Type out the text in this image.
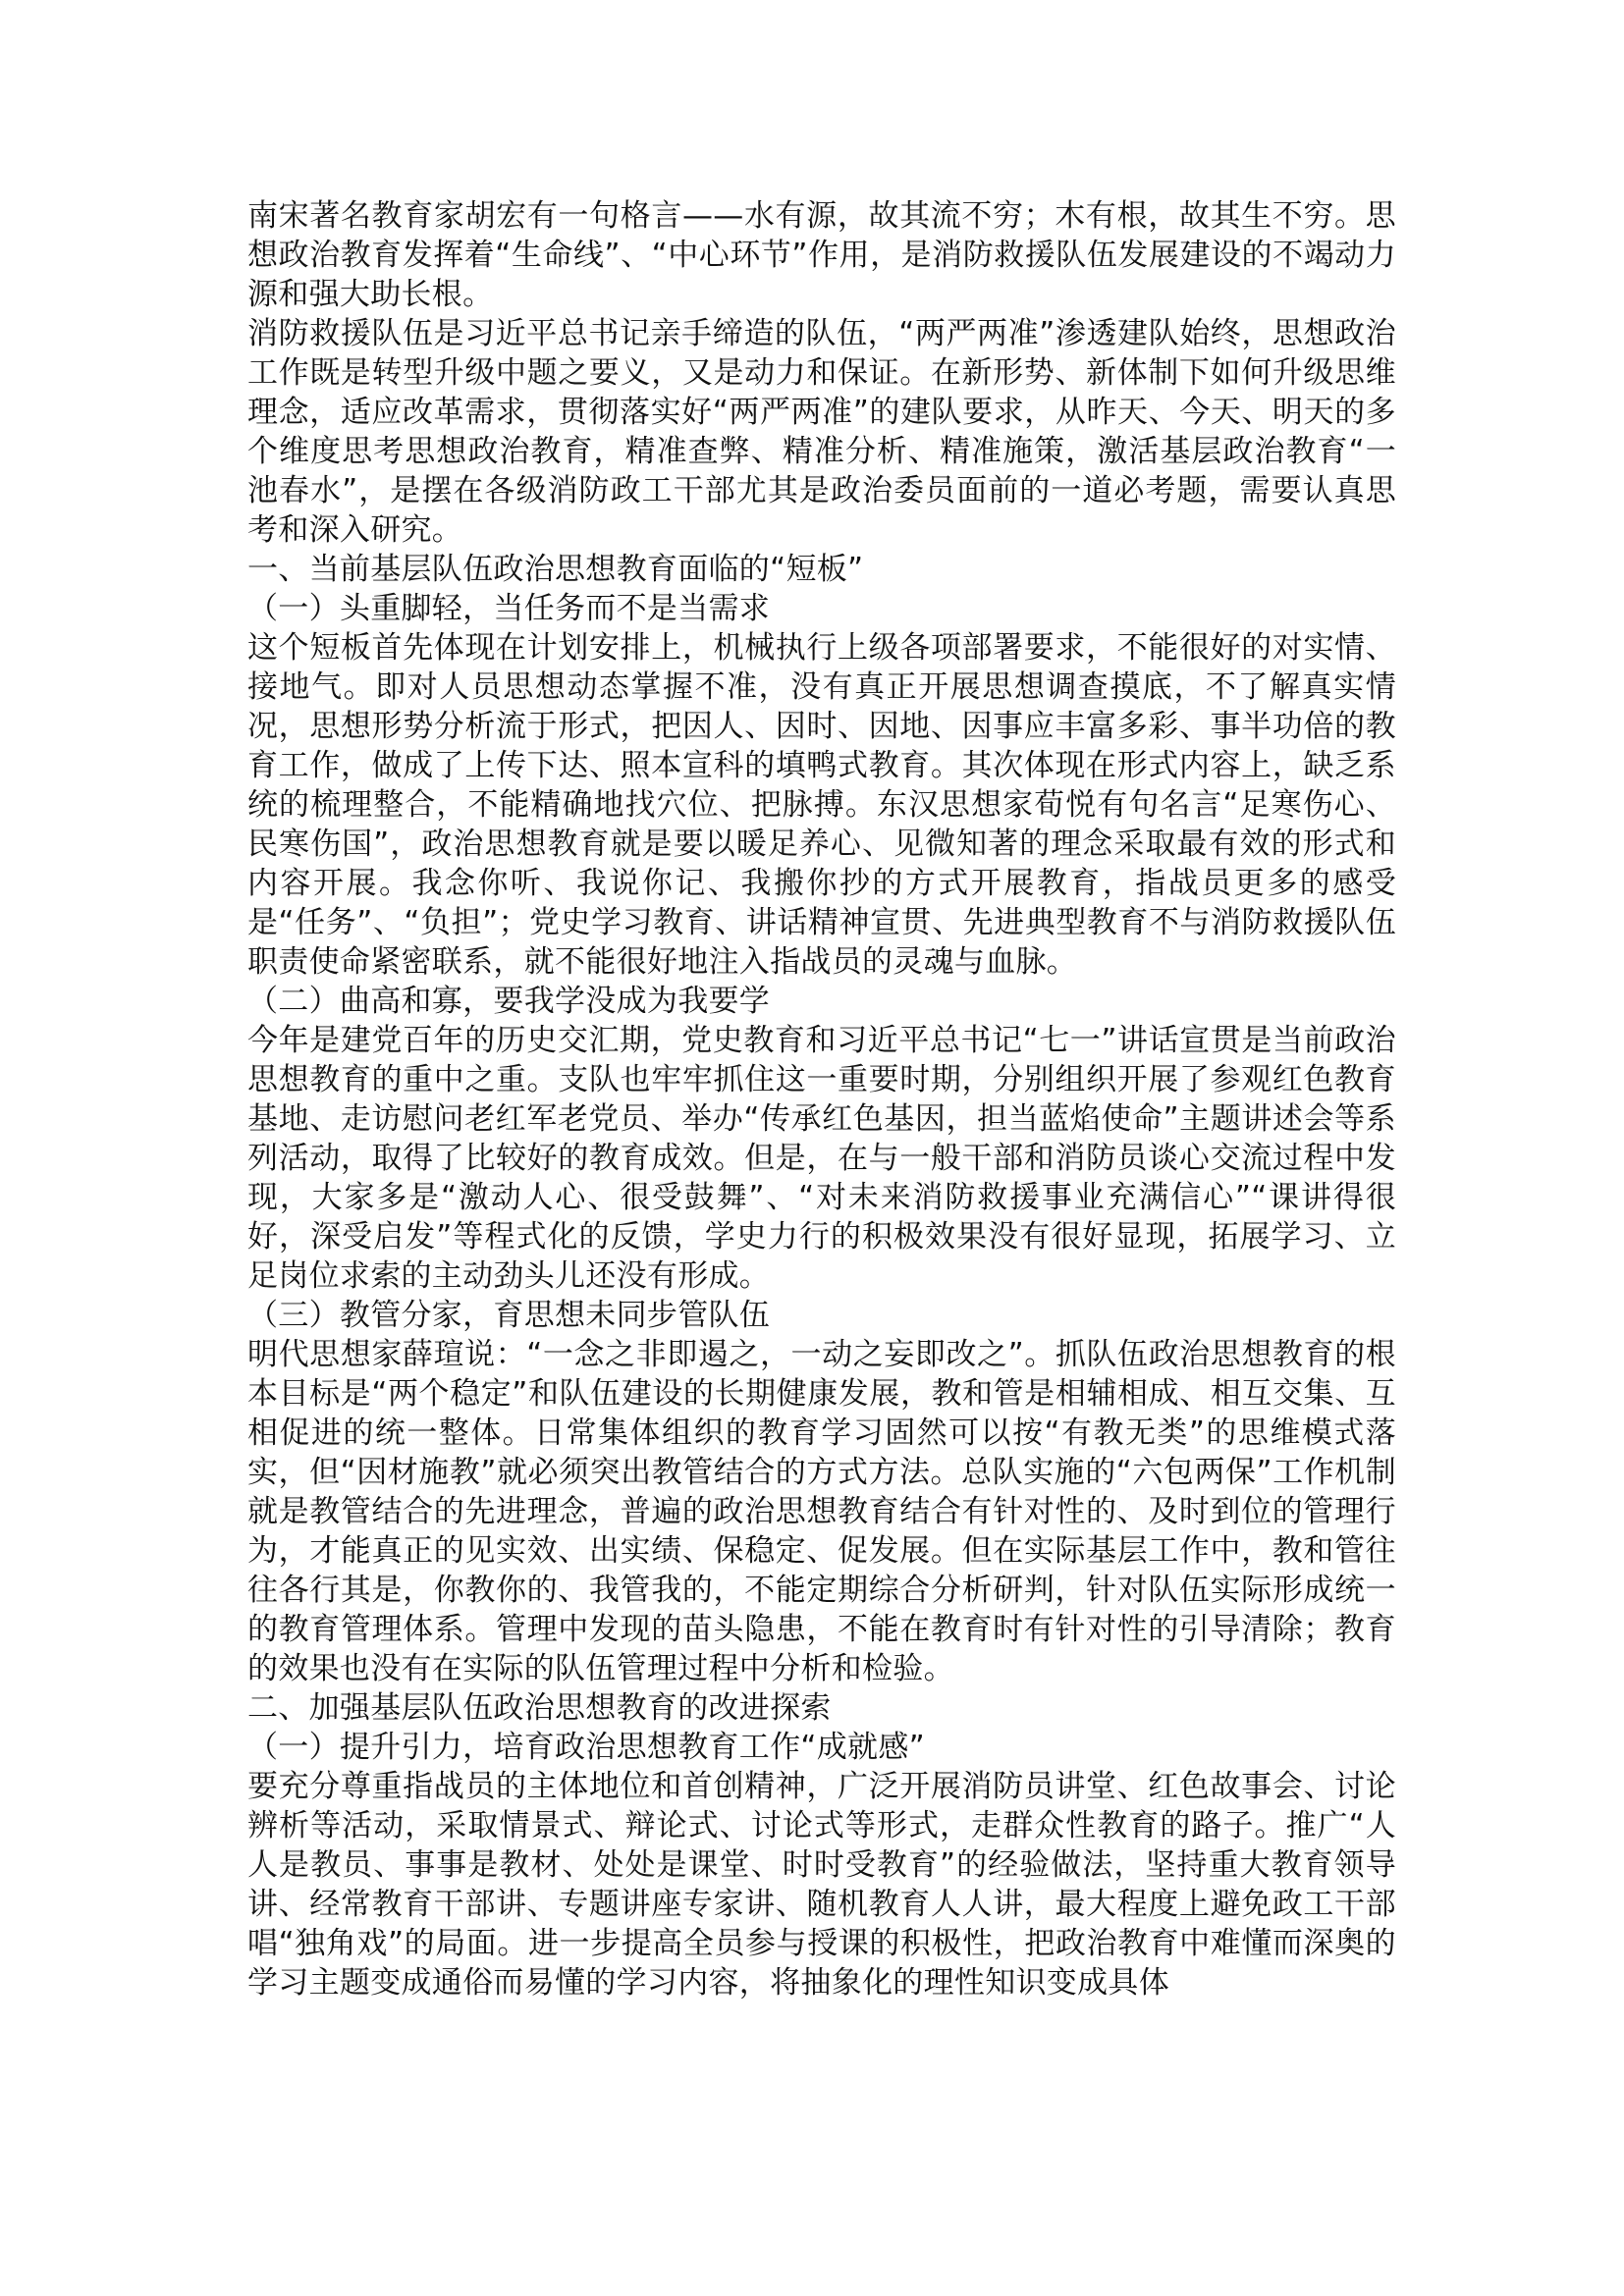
南宋著名教育家胡宏有一句格言——水有源，故其流不穷；木有根，故其生不穷。思想政治教育发挥着“生命线”、“中心环节”作用，是消防救援队伍发展建设的不竭动力源和强大助长根。

消防救援队伍是习近平总书记亲手缔造的队伍，“两严两准”渗透建队始终，思想政治工作既是转型升级中题之要义，又是动力和保证。在新形势、新体制下如何升级思维理念，适应改革需求，贯彻落实好“两严两准”的建队要求，从昨天、今天、明天的多个维度思考思想政治教育，精准查弊、精准分析、精准施策，激活基层政治教育“一池春水”，是摆在各级消防政工干部尤其是政治委员面前的一道必考题，需要认真思考和深入研究。

一、当前基层队伍政治思想教育面临的“短板”

（一）头重脚轻，当任务而不是当需求

这个短板首先体现在计划安排上，机械执行上级各项部署要求，不能很好的对实情、接地气。即对人员思想动态掌握不准，没有真正开展思想调查摸底，不了解真实情况，思想形势分析流于形式，把因人、因时、因地、因事应丰富多彩、事半功倍的教育工作，做成了上传下达、照本宣科的填鸭式教育。其次体现在形式内容上，缺乏系统的梳理整合，不能精确地找穴位、把脉搏。东汉思想家荀悦有句名言“足寒伤心、民寒伤国”，政治思想教育就是要以暖足养心、见微知著的理念采取最有效的形式和内容开展。我念你听、我说你记、我搬你抄的方式开展教育，指战员更多的感受是“任务”、“负担”；党史学习教育、讲话精神宣贯、先进典型教育不与消防救援队伍职责使命紧密联系，就不能很好地注入指战员的灵魂与血脉。

（二）曲高和寡，要我学没成为我要学

今年是建党百年的历史交汇期，党史教育和习近平总书记“七一”讲话宣贯是当前政治思想教育的重中之重。支队也牢牢抓住这一重要时期，分别组织开展了参观红色教育基地、走访慰问老红军老党员、举办“传承红色基因，担当蓝焰使命”主题讲述会等系列活动，取得了比较好的教育成效。但是，在与一般干部和消防员谈心交流过程中发现，大家多是“激动人心、很受鼓舞”、“对未来消防救援事业充满信心”“课讲得很好，深受启发”等程式化的反馈，学史力行的积极效果没有很好显现，拓展学习、立足岗位求索的主动劲头儿还没有形成。

（三）教管分家，育思想未同步管队伍

明代思想家薛瑄说：“一念之非即遏之，一动之妄即改之”。抓队伍政治思想教育的根本目标是“两个稳定”和队伍建设的长期健康发展，教和管是相辅相成、相互交集、互相促进的统一整体。日常集体组织的教育学习固然可以按“有教无类”的思维模式落实，但“因材施教”就必须突出教管结合的方式方法。总队实施的“六包两保”工作机制就是教管结合的先进理念，普遍的政治思想教育结合有针对性的、及时到位的管理行为，才能真正的见实效、出实绩、保稳定、促发展。但在实际基层工作中，教和管往往各行其是，你教你的、我管我的，不能定期综合分析研判，针对队伍实际形成统一的教育管理体系。管理中发现的苗头隐患，不能在教育时有针对性的引导清除；教育的效果也没有在实际的队伍管理过程中分析和检验。

二、加强基层队伍政治思想教育的改进探索

（一）提升引力，培育政治思想教育工作“成就感”

要充分尊重指战员的主体地位和首创精神，广泛开展消防员讲堂、红色故事会、讨论辨析等活动，采取情景式、辩论式、讨论式等形式，走群众性教育的路子。推广“人人是教员、事事是教材、处处是课堂、时时受教育”的经验做法，坚持重大教育领导讲、经常教育干部讲、专题讲座专家讲、随机教育人人讲，最大程度上避免政工干部唱“独角戏”的局面。进一步提高全员参与授课的积极性，把政治教育中难懂而深奥的学习主题变成通俗而易懂的学习内容，将抽象化的理性知识变成具体
